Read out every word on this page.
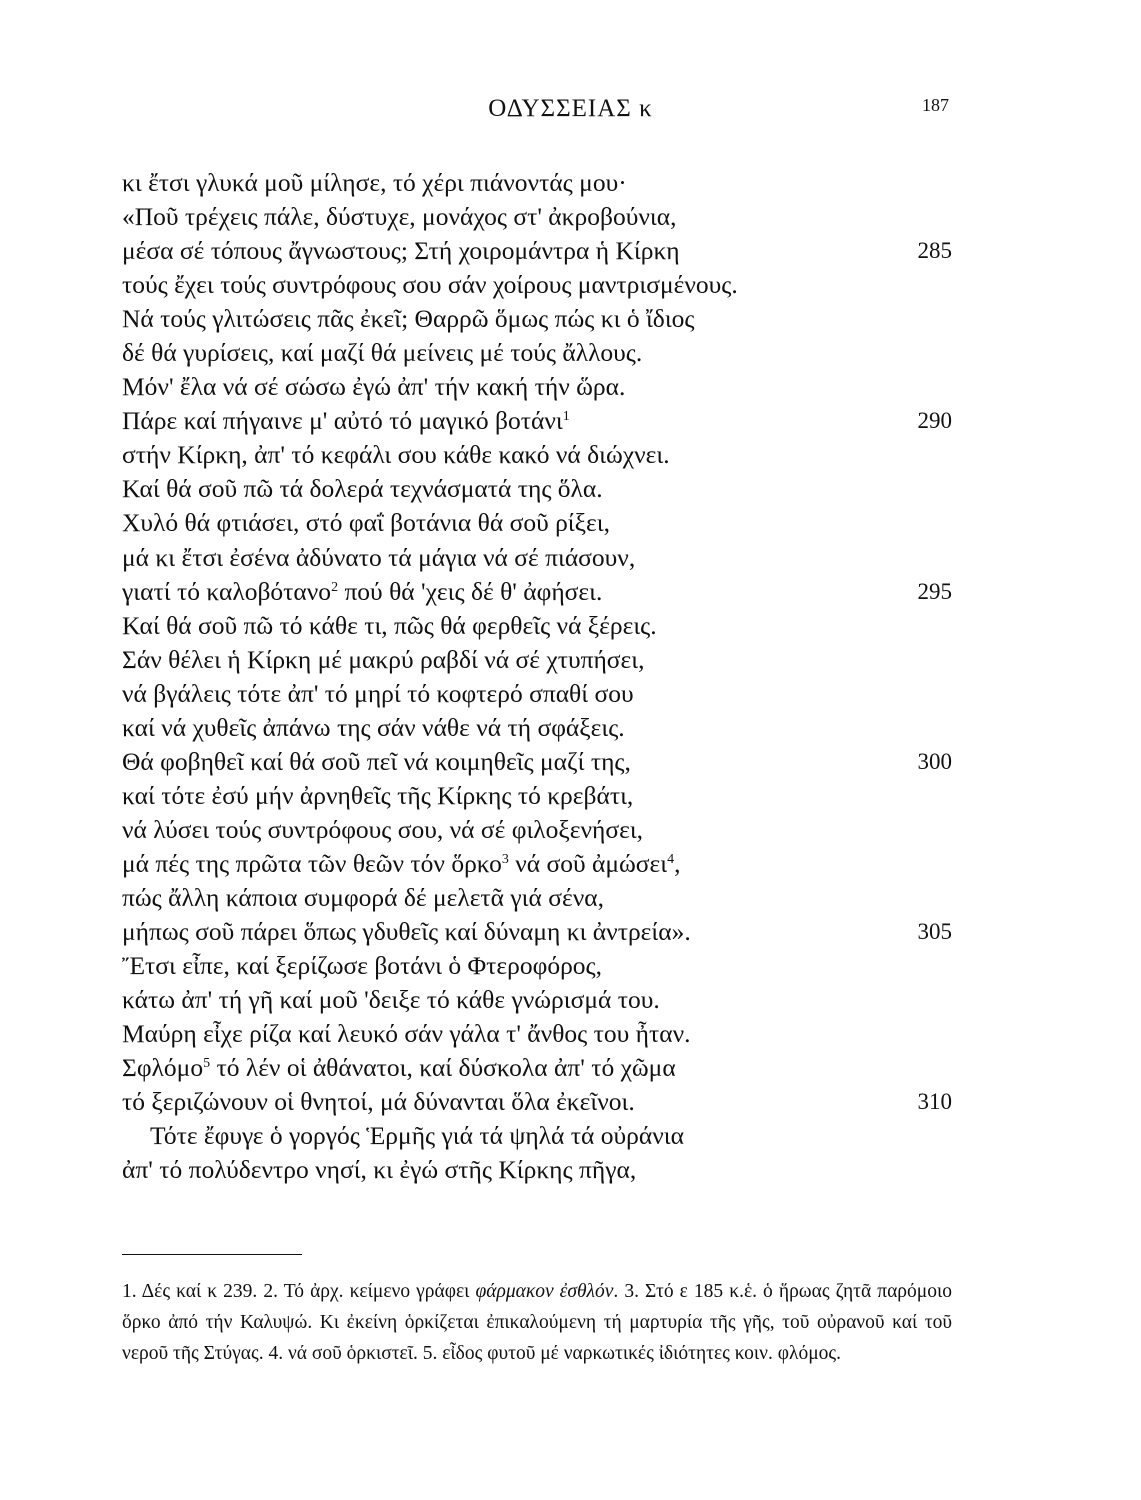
ΟΔΥΣΣΕΙΑΣ κ	187
κι ἔτσι γλυκά μοῦ μίλησε, τό χέρι πιάνοντάς μου·
«Ποῦ τρέχεις πάλε, δύστυχε, μονάχος στ' ἀκροβούνια,
μέσα σέ τόπους ἄγνωστους; Στή χοιρομάντρα ἡ Κίρκη	285
τούς ἔχει τούς συντρόφους σου σάν χοίρους μαντρισμένους.
Νά τούς γλιτώσεις πᾶς ἐκεῖ; Θαρρῶ ὅμως πώς κι ὁ ἴδιος
δέ θά γυρίσεις, καί μαζί θά μείνεις μέ τούς ἄλλους.
Μόν' ἔλα νά σέ σώσω ἐγώ ἀπ' τήν κακή τήν ὥρα.
Πάρε καί πήγαινε μ' αὐτό τό μαγικό βοτάνι$^1$	290
στήν Κίρκη, ἀπ' τό κεφάλι σου κάθε κακό νά διώχνει.
Καί θά σοῦ πῶ τά δολερά τεχνάσματά της ὅλα.
Χυλό θά φτιάσει, στό φαΐ βοτάνια θά σοῦ ρίξει,
μά κι ἔτσι ἐσένα ἀδύνατο τά μάγια νά σέ πιάσουν,
γιατί τό καλοβότανο$^2$ πού θά 'χεις δέ θ' ἀφήσει.	295
Καί θά σοῦ πῶ τό κάθε τι, πῶς θά φερθεῖς νά ξέρεις.
Σάν θέλει ἡ Κίρκη μέ μακρύ ραβδί νά σέ χτυπήσει,
νά βγάλεις τότε ἀπ' τό μηρί τό κοφτερό σπαθί σου
καί νά χυθεῖς ἀπάνω της σάν νάθε νά τή σφάξεις.
Θά φοβηθεῖ καί θά σοῦ πεῖ νά κοιμηθεῖς μαζί της,	300
καί τότε ἐσύ μήν ἀρνηθεῖς τῆς Κίρκης τό κρεβάτι,
νά λύσει τούς συντρόφους σου, νά σέ φιλοξενήσει,
μά πές της πρῶτα τῶν θεῶν τόν ὅρκο$^3$ νά σοῦ ἀμώσει$^4$,
πώς ἄλλη κάποια συμφορά δέ μελετᾶ γιά σένα,
μήπως σοῦ πάρει ὅπως γδυθεῖς καί δύναμη κι ἀντρεία».	305
Ἔτσι εἶπε, καί ξερίζωσε βοτάνι ὁ Φτεροφόρος,
κάτω ἀπ' τή γῆ καί μοῦ 'δειξε τό κάθε γνώρισμά του.
Μαύρη εἶχε ρίζα καί λευκό σάν γάλα τ' ἄνθος του ἦταν.
Σφλόμο$^5$ τό λέν οἱ ἀθάνατοι, καί δύσκολα ἀπ' τό χῶμα
τό ξεριζώνουν οἱ θνητοί, μά δύνανται ὅλα ἐκεῖνοι.	310
Τότε ἔφυγε ὁ γοργός Ἑρμῆς γιά τά ψηλά τά οὐράνια
ἀπ' τό πολύδεντρο νησί, κι ἐγώ στῆς Κίρκης πῆγα,
1. Δές καί κ 239. 2. Τό ἀρχ. κείμενο γράφει φάρμακον ἐσθλόν. 3. Στό ε 185 κ.ἑ. ὁ ἥρωας ζητᾶ παρόμοιο ὅρκο ἀπό τήν Καλυψώ. Κι ἐκείνη ὁρκίζεται ἐπικαλούμενη τή μαρτυρία τῆς γῆς, τοῦ οὐρανοῦ καί τοῦ νεροῦ τῆς Στύγας. 4. νά σοῦ ὁρκιστεῖ. 5. εἶδος φυτοῦ μέ ναρκωτικές ἰδιότητες κοιν. φλόμος.
